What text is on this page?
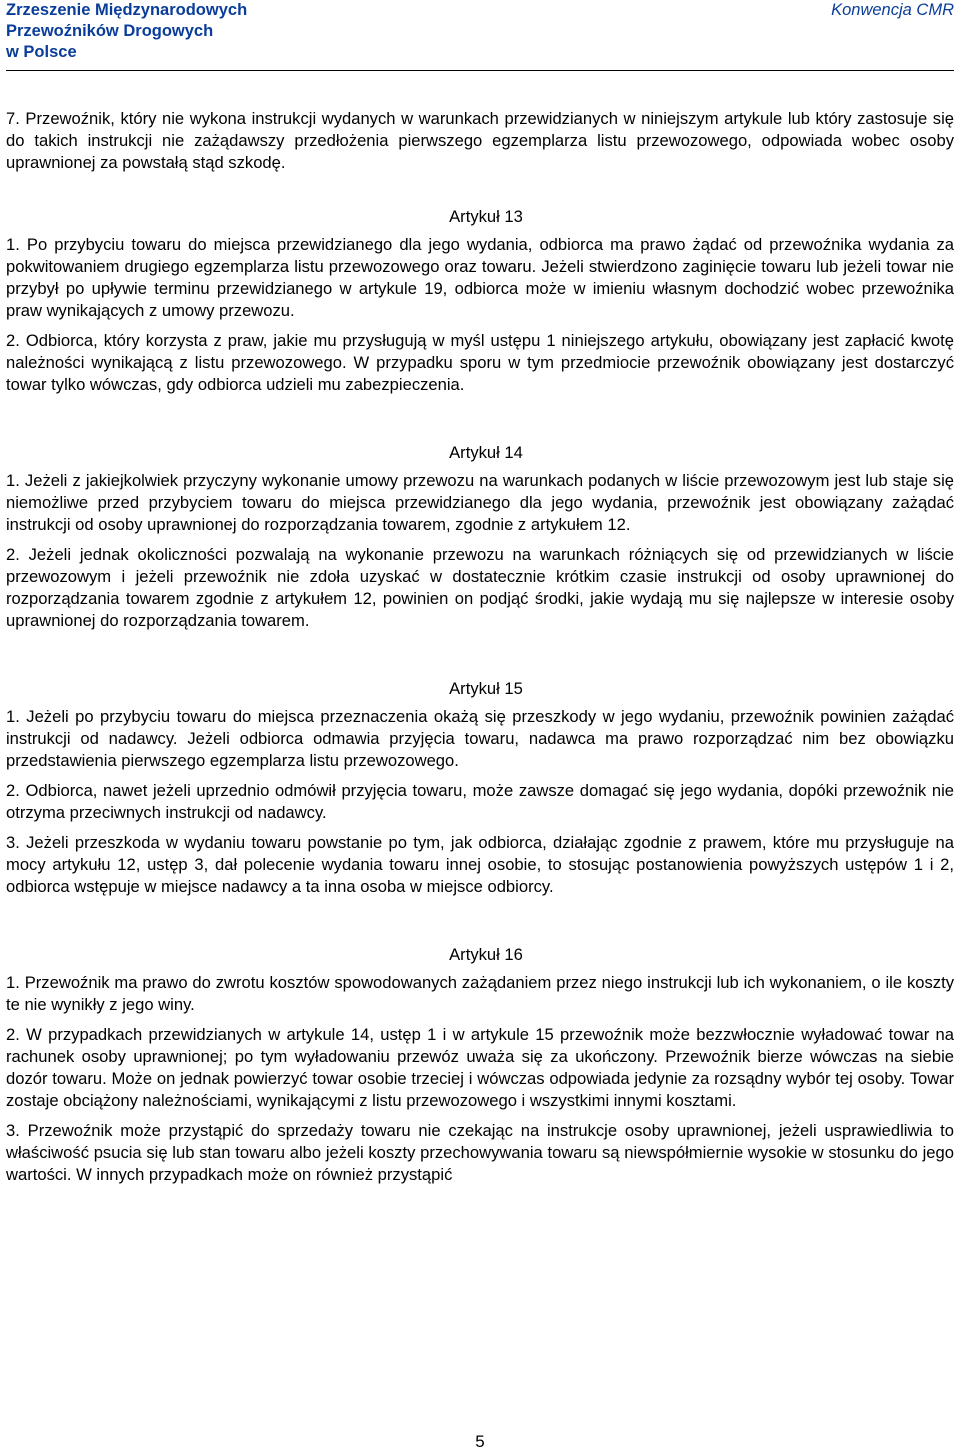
Zrzeszenie Międzynarodowych
Przewoźników Drogowych
w Polsce
Konwencja CMR

7. Przewoźnik, który nie wykona instrukcji wydanych w warunkach przewidzianych w niniejszym artykule lub który zastosuje się do takich instrukcji nie zażądawszy przedłożenia pierwszego egzemplarza listu przewozowego, odpowiada wobec osoby uprawnionej za powstałą stąd szkodę.

Artykuł 13

1. Po przybyciu towaru do miejsca przewidzianego dla jego wydania, odbiorca ma prawo żądać od przewoźnika wydania za pokwitowaniem drugiego egzemplarza listu przewozowego oraz towaru. Jeżeli stwierdzono zaginięcie towaru lub jeżeli towar nie przybył po upływie terminu przewidzianego w artykule 19, odbiorca może w imieniu własnym dochodzić wobec przewoźnika praw wynikających z umowy przewozu.

2. Odbiorca, który korzysta z praw, jakie mu przysługują w myśl ustępu 1 niniejszego artykułu, obowiązany jest zapłacić kwotę należności wynikającą z listu przewozowego. W przypadku sporu w tym przedmiocie przewoźnik obowiązany jest dostarczyć towar tylko wówczas, gdy odbiorca udzieli mu zabezpieczenia.

Artykuł 14

1. Jeżeli z jakiejkolwiek przyczyny wykonanie umowy przewozu na warunkach podanych w liście przewozowym jest lub staje się niemożliwe przed przybyciem towaru do miejsca przewidzianego dla jego wydania, przewoźnik jest obowiązany zażądać instrukcji od osoby uprawnionej do rozporządzania towarem, zgodnie z artykułem 12.

2. Jeżeli jednak okoliczności pozwalają na wykonanie przewozu na warunkach różniących się od przewidzianych w liście przewozowym i jeżeli przewoźnik nie zdoła uzyskać w dostatecznie krótkim czasie instrukcji od osoby uprawnionej do rozporządzania towarem zgodnie z artykułem 12, powinien on podjąć środki, jakie wydają mu się najlepsze w interesie osoby uprawnionej do rozporządzania towarem.

Artykuł 15

1. Jeżeli po przybyciu towaru do miejsca przeznaczenia okażą się przeszkody w jego wydaniu, przewoźnik powinien zażądać instrukcji od nadawcy. Jeżeli odbiorca odmawia przyjęcia towaru, nadawca ma prawo rozporządzać nim bez obowiązku przedstawienia pierwszego egzemplarza listu przewozowego.

2. Odbiorca, nawet jeżeli uprzednio odmówił przyjęcia towaru, może zawsze domagać się jego wydania, dopóki przewoźnik nie otrzyma przeciwnych instrukcji od nadawcy.

3. Jeżeli przeszkoda w wydaniu towaru powstanie po tym, jak odbiorca, działając zgodnie z prawem, które mu przysługuje na mocy artykułu 12, ustęp 3, dał polecenie wydania towaru innej osobie, to stosując postanowienia powyższych ustępów 1 i 2, odbiorca wstępuje w miejsce nadawcy a ta inna osoba w miejsce odbiorcy.

Artykuł 16

1. Przewoźnik ma prawo do zwrotu kosztów spowodowanych zażądaniem przez niego instrukcji lub ich wykonaniem, o ile koszty te nie wynikły z jego winy.

2. W przypadkach przewidzianych w artykule 14, ustęp 1 i w artykule 15 przewoźnik może bezzwłocznie wyładować towar na rachunek osoby uprawnionej; po tym wyładowaniu przewóz uważa się za ukończony. Przewoźnik bierze wówczas na siebie dozór towaru. Może on jednak powierzyć towar osobie trzeciej i wówczas odpowiada jedynie za rozsądny wybór tej osoby. Towar zostaje obciążony należnościami, wynikającymi z listu przewozowego i wszystkimi innymi kosztami.

3. Przewoźnik może przystąpić do sprzedaży towaru nie czekając na instrukcje osoby uprawnionej, jeżeli usprawiedliwia to właściwość psucia się lub stan towaru albo jeżeli koszty przechowywania towaru są niewspółmiernie wysokie w stosunku do jego wartości. W innych przypadkach może on również przystąpić

5
